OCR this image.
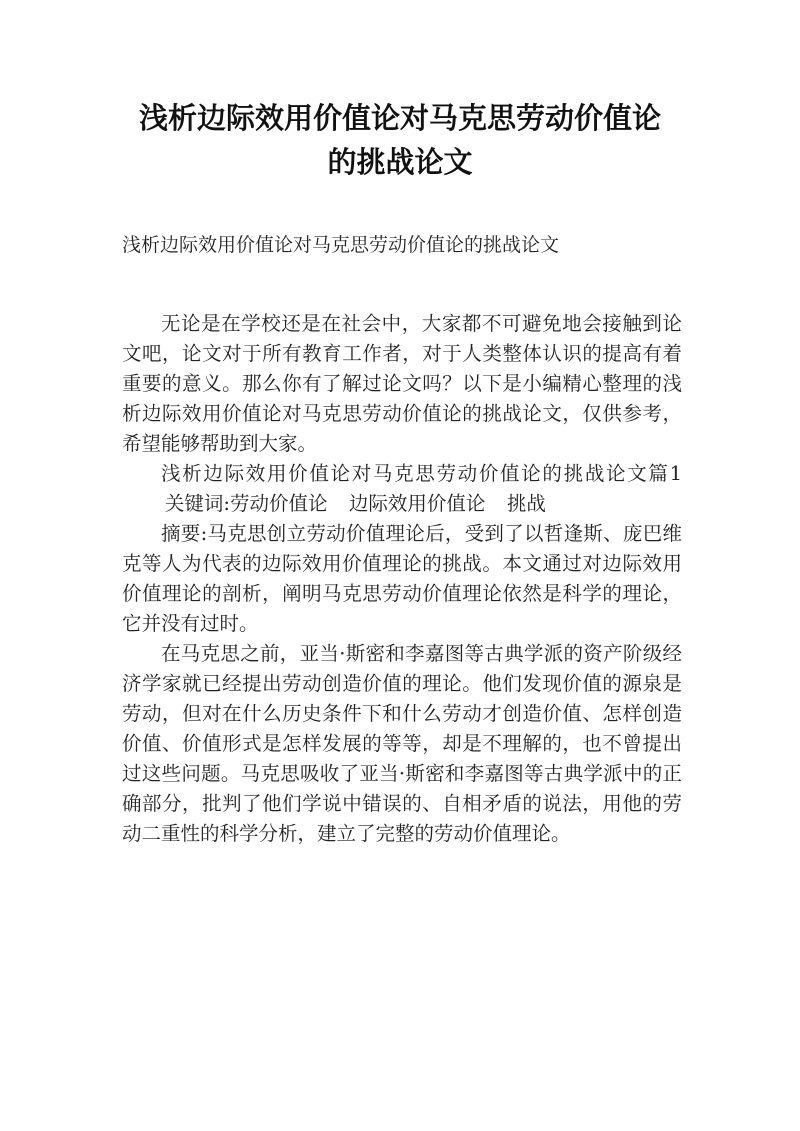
浅析边际效用价值论对马克思劳动价值论
的挑战论文
浅析边际效用价值论对马克思劳动价值论的挑战论文

无论是在学校还是在社会中，大家都不可避免地会接触到论文吧，论文对于所有教育工作者，对于人类整体认识的提高有着重要的意义。那么你有了解过论文吗？以下是小编精心整理的浅析边际效用价值论对马克思劳动价值论的挑战论文，仅供参考，希望能够帮助到大家。

浅析边际效用价值论对马克思劳动价值论的挑战论文篇1关键词:劳动价值论 边际效用价值论 挑战

摘要:马克思创立劳动价值理论后，受到了以哲逢斯、庞巴维克等人为代表的边际效用价值理论的挑战。本文通过对边际效用价值理论的剖析，阐明马克思劳动价值理论依然是科学的理论，它并没有过时。

在马克思之前，亚当·斯密和李嘉图等古典学派的资产阶级经济学家就已经提出劳动创造价值的理论。他们发现价值的源泉是劳动，但对在什么历史条件下和什么劳动才创造价值、怎样创造价值、价值形式是怎样发展的等等，却是不理解的，也不曾提出过这些问题。马克思吸收了亚当·斯密和李嘉图等古典学派中的正确部分，批判了他们学说中错误的、自相矛盾的说法，用他的劳动二重性的科学分析，建立了完整的劳动价值理论。
